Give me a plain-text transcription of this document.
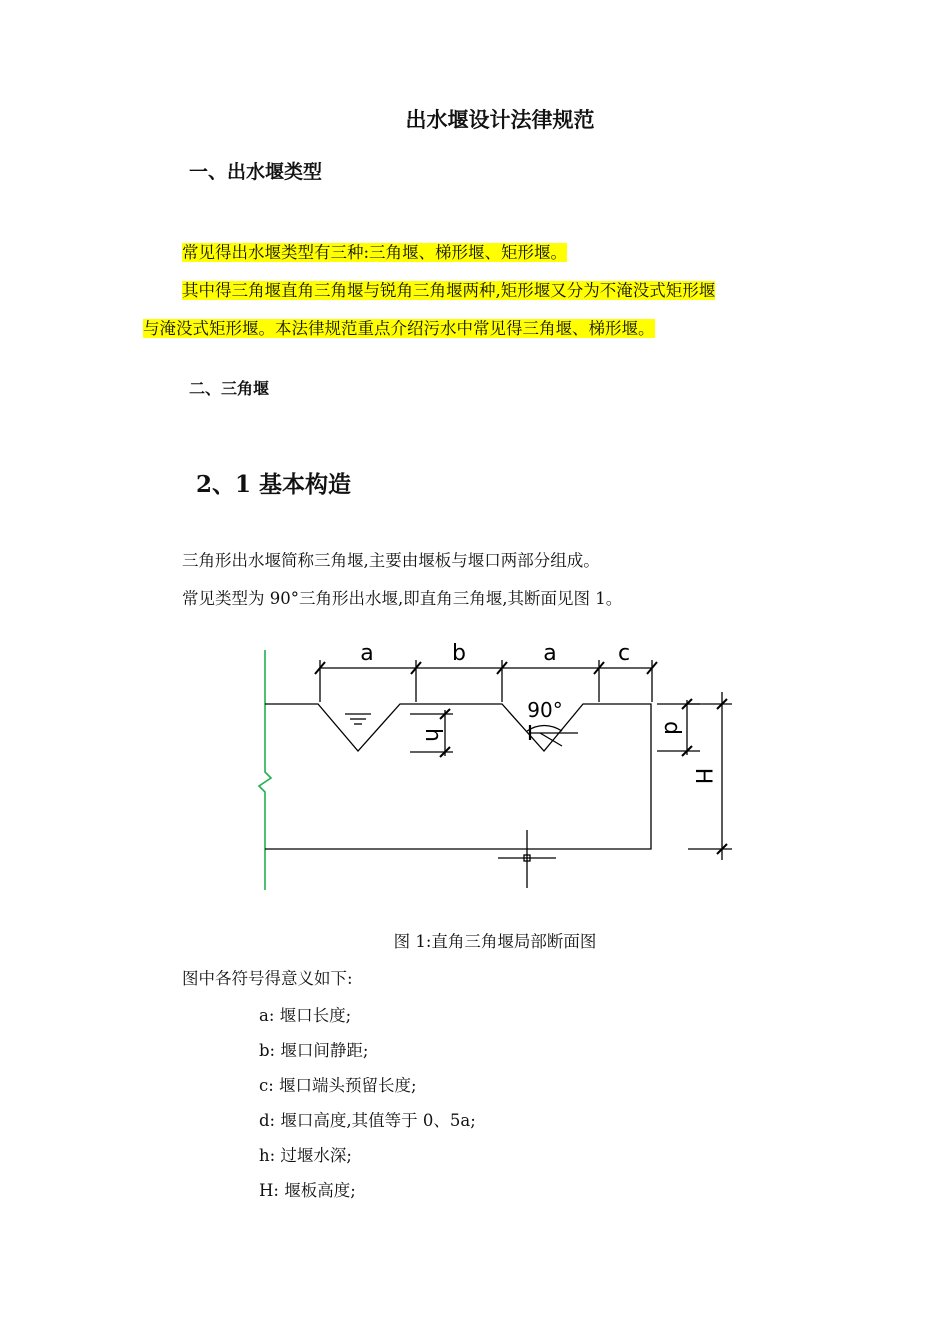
出水堰设计法律规范
一、出水堰类型
常见得出水堰类型有三种:三角堰、梯形堰、矩形堰。
其中得三角堰直角三角堰与锐角三角堰两种,矩形堰又分为不淹没式矩形堰
与淹没式矩形堰。本法律规范重点介绍污水中常见得三角堰、梯形堰。
二、三角堰
2、1 基本构造
三角形出水堰简称三角堰,主要由堰板与堰口两部分组成。
常见类型为 90°三角形出水堰,即直角三角堰,其断面见图 1。
a	b	a	c
90°
h
d
H
图 1:直角三角堰局部断面图
图中各符号得意义如下:
a: 堰口长度;
b: 堰口间静距;
c: 堰口端头预留长度;
d: 堰口高度,其值等于 0、5a;
h: 过堰水深;
H: 堰板高度;
